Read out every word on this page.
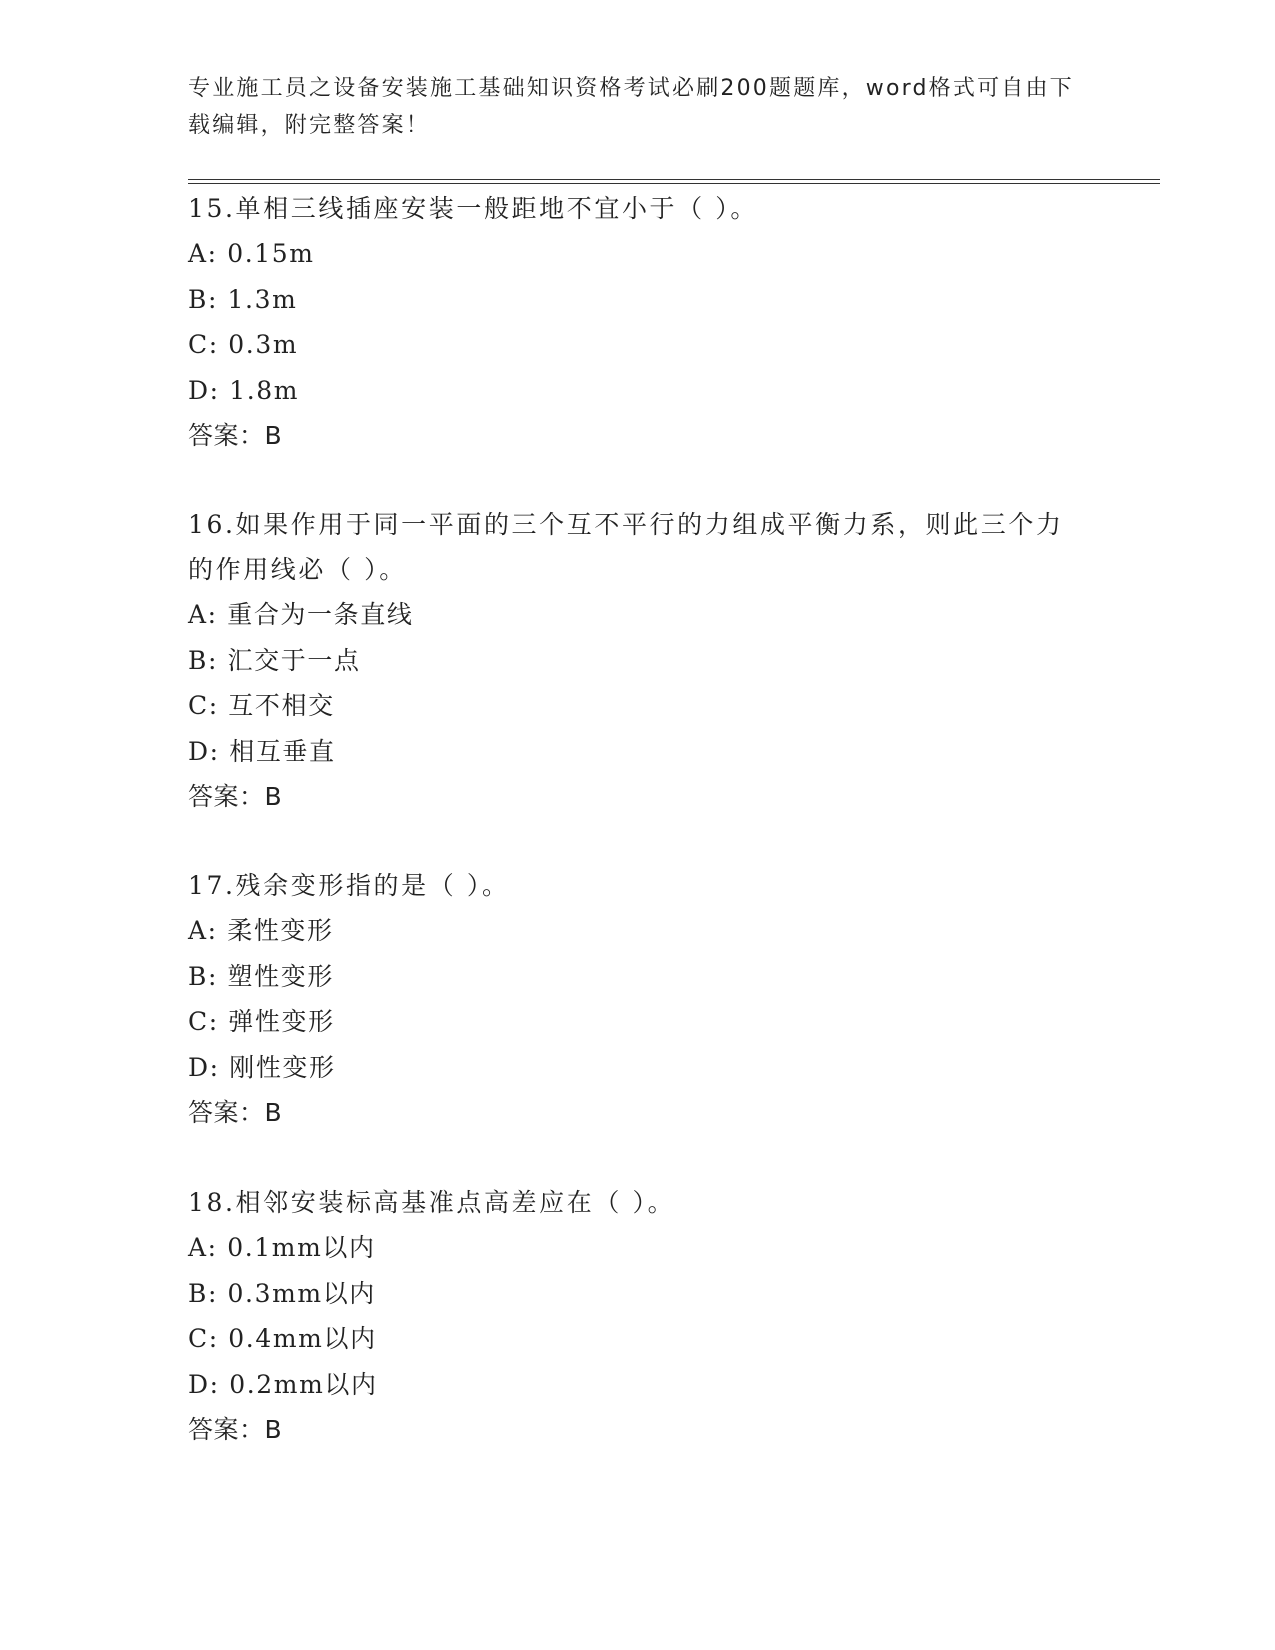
专业施工员之设备安装施工基础知识资格考试必刷200题题库，word格式可自由下载编辑，附完整答案！

15.单相三线插座安装一般距地不宜小于（ ）。

A: 0.15m

B: 1.3m

C: 0.3m

D: 1.8m

答案：B

16.如果作用于同一平面的三个互不平行的力组成平衡力系，则此三个力的作用线必（ ）。

A: 重合为一条直线

B: 汇交于一点

C: 互不相交

D: 相互垂直

答案：B

17.残余变形指的是（ ）。

A: 柔性变形

B: 塑性变形

C: 弹性变形

D: 刚性变形

答案：B

18.相邻安装标高基准点高差应在（ ）。

A: 0.1mm以内

B: 0.3mm以内

C: 0.4mm以内

D: 0.2mm以内

答案：B
